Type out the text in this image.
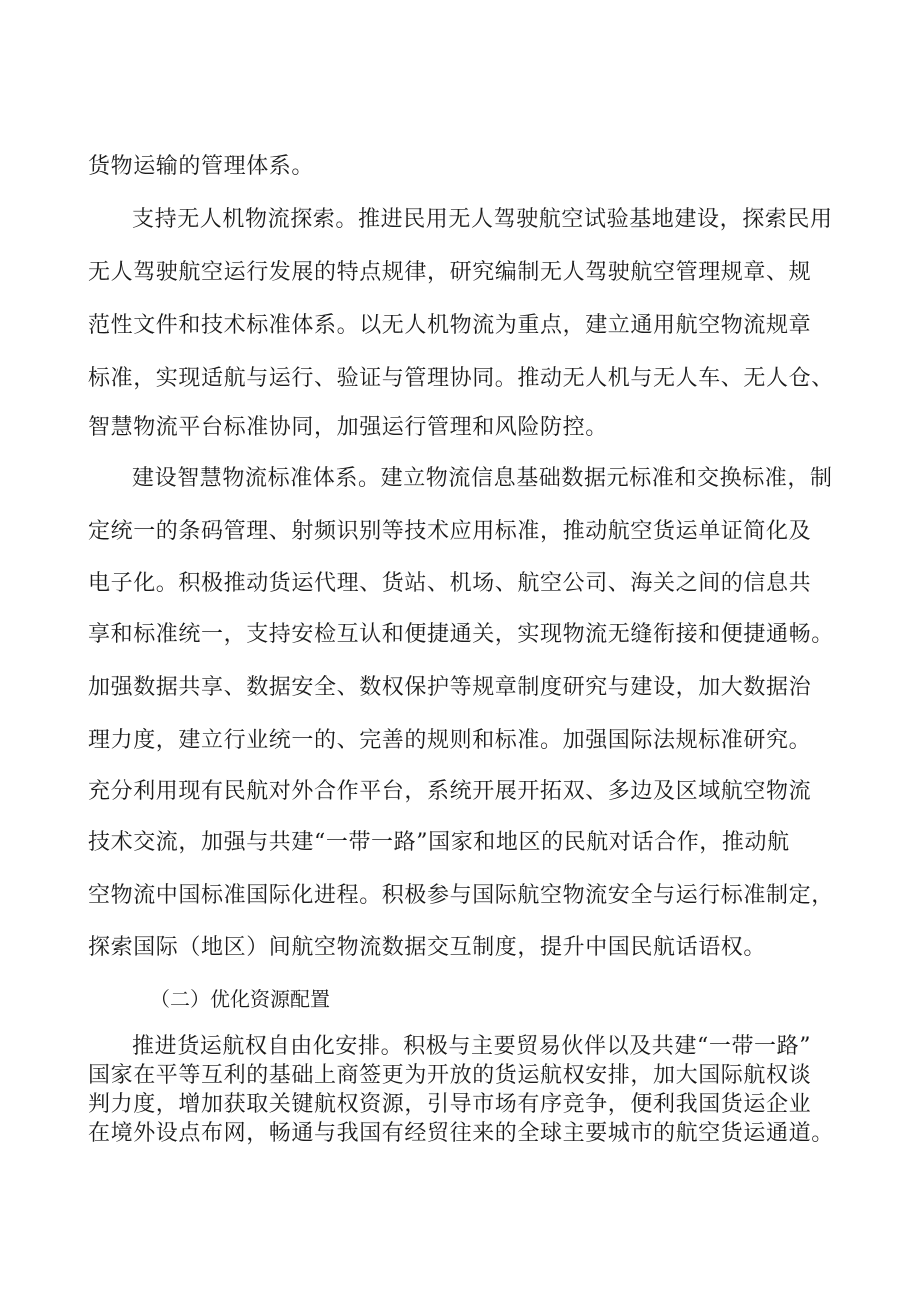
货物运输的管理体系。
支持无人机物流探索。推进民用无人驾驶航空试验基地建设，探索民用
无人驾驶航空运行发展的特点规律，研究编制无人驾驶航空管理规章、规
范性文件和技术标准体系。以无人机物流为重点，建立通用航空物流规章
标准，实现适航与运行、验证与管理协同。推动无人机与无人车、无人仓、
智慧物流平台标准协同，加强运行管理和风险防控。
建设智慧物流标准体系。建立物流信息基础数据元标准和交换标准，制
定统一的条码管理、射频识别等技术应用标准，推动航空货运单证简化及
电子化。积极推动货运代理、货站、机场、航空公司、海关之间的信息共
享和标准统一，支持安检互认和便捷通关，实现物流无缝衔接和便捷通畅。
加强数据共享、数据安全、数权保护等规章制度研究与建设，加大数据治
理力度，建立行业统一的、完善的规则和标准。加强国际法规标准研究。
充分利用现有民航对外合作平台，系统开展开拓双、多边及区域航空物流
技术交流，加强与共建“一带一路”国家和地区的民航对话合作，推动航
空物流中国标准国际化进程。积极参与国际航空物流安全与运行标准制定，
探索国际（地区）间航空物流数据交互制度，提升中国民航话语权。
（二）优化资源配置
推进货运航权自由化安排。积极与主要贸易伙伴以及共建“一带一路”
国家在平等互利的基础上商签更为开放的货运航权安排，加大国际航权谈
判力度，增加获取关键航权资源，引导市场有序竞争，便利我国货运企业
在境外设点布网，畅通与我国有经贸往来的全球主要城市的航空货运通道。
